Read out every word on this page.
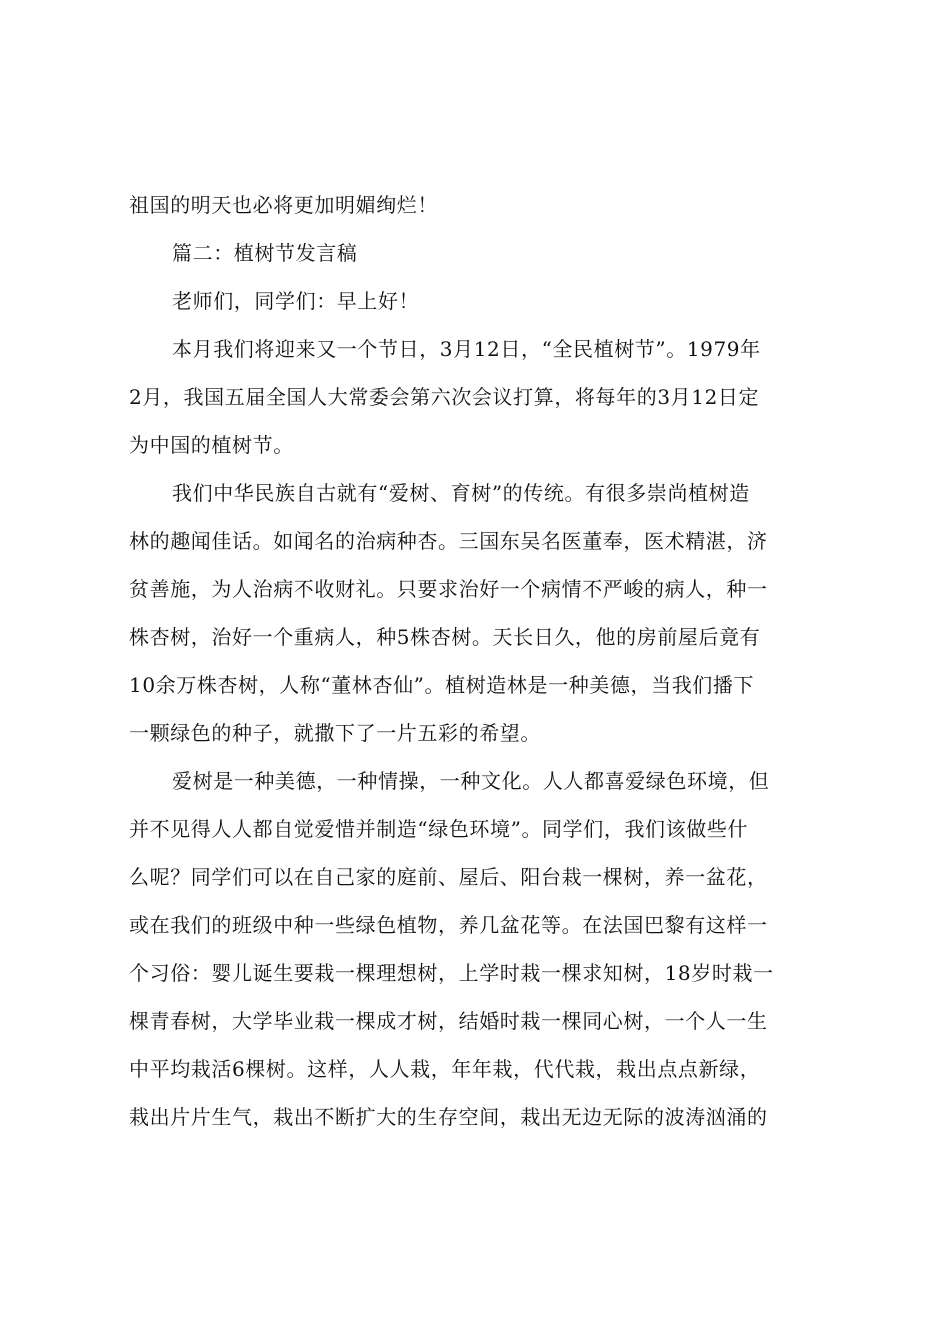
祖国的明天也必将更加明媚绚烂！
篇二：植树节发言稿
老师们，同学们：早上好！
本月我们将迎来又一个节日，3月12日，“全民植树节”。1979年
2月，我国五届全国人大常委会第六次会议打算，将每年的3月12日定
为中国的植树节。
我们中华民族自古就有“爱树、育树”的传统。有很多崇尚植树造
林的趣闻佳话。如闻名的治病种杏。三国东吴名医董奉，医术精湛，济
贫善施，为人治病不收财礼。只要求治好一个病情不严峻的病人，种一
株杏树，治好一个重病人，种5株杏树。天长日久，他的房前屋后竟有
10余万株杏树，人称“董林杏仙”。植树造林是一种美德，当我们播下
一颗绿色的种子，就撒下了一片五彩的希望。
爱树是一种美德，一种情操，一种文化。人人都喜爱绿色环境，但
并不见得人人都自觉爱惜并制造“绿色环境”。同学们，我们该做些什
么呢？同学们可以在自己家的庭前、屋后、阳台栽一棵树，养一盆花，
或在我们的班级中种一些绿色植物，养几盆花等。在法国巴黎有这样一
个习俗：婴儿诞生要栽一棵理想树，上学时栽一棵求知树，18岁时栽一
棵青春树，大学毕业栽一棵成才树，结婚时栽一棵同心树，一个人一生
中平均栽活6棵树。这样，人人栽，年年栽，代代栽，栽出点点新绿，
栽出片片生气，栽出不断扩大的生存空间，栽出无边无际的波涛汹涌的
